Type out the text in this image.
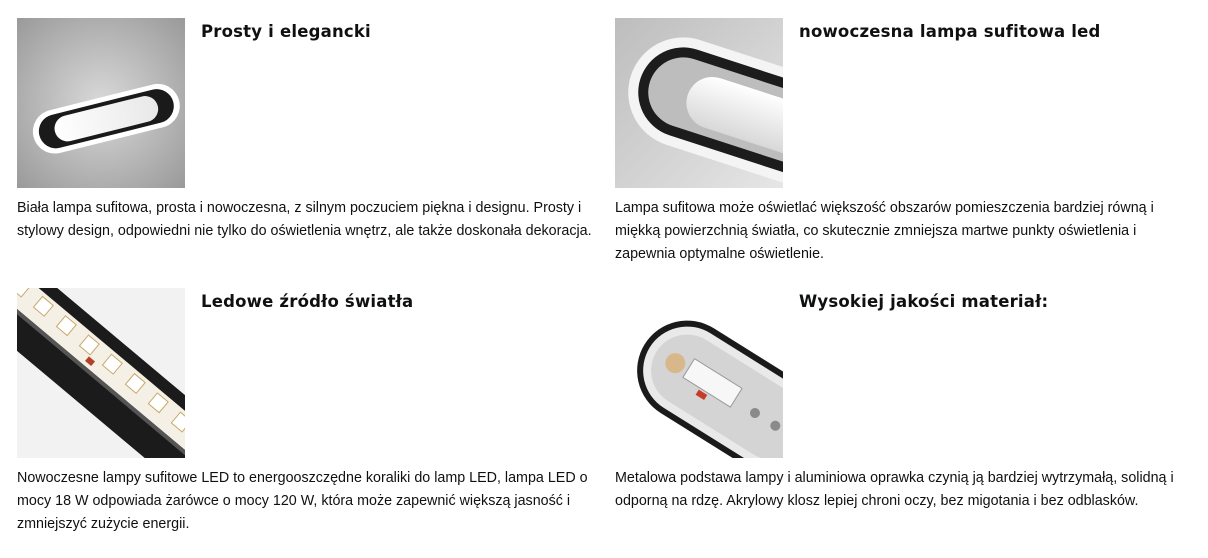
Prosty i elegancki
Biała lampa sufitowa, prosta i nowoczesna, z silnym poczuciem piękna i designu. Prosty i stylowy design, odpowiedni nie tylko do oświetlenia wnętrz, ale także doskonała dekoracja.
nowoczesna lampa sufitowa led
Lampa sufitowa może oświetlać większość obszarów pomieszczenia bardziej równą i miękką powierzchnią światła, co skutecznie zmniejsza martwe punkty oświetlenia i zapewnia optymalne oświetlenie.
Ledowe źródło światła
Nowoczesne lampy sufitowe LED to energooszczędne koraliki do lamp LED, lampa LED o mocy 18 W odpowiada żarówce o mocy 120 W, która może zapewnić większą jasność i zmniejszyć zużycie energii.
Wysokiej jakości materiał:
Metalowa podstawa lampy i aluminiowa oprawka czynią ją bardziej wytrzymałą, solidną i odporną na rdzę. Akrylowy klosz lepiej chroni oczy, bez migotania i bez odblasków.
